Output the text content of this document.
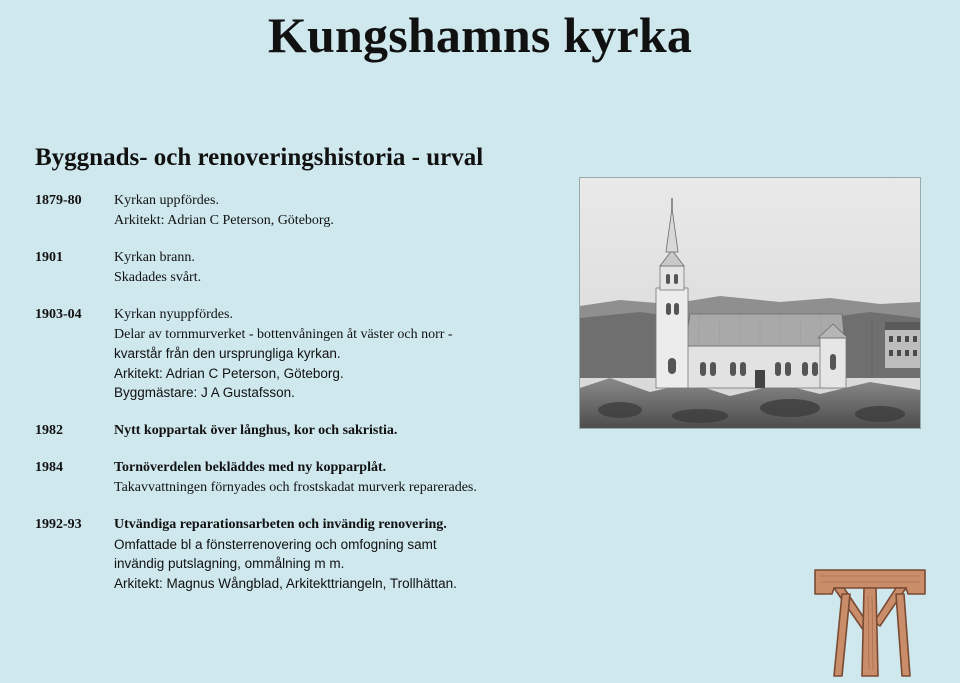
Kungshamns kyrka
Byggnads- och renoveringshistoria - urval
1879-80	Kyrkan uppfördes.
Arkitekt: Adrian C Peterson, Göteborg.
1901	Kyrkan brann.
Skadades svårt.
1903-04	Kyrkan nyuppfördes.
Delar av tornmurverket - bottenvåningen åt väster och norr -
kvarstår från den ursprungliga kyrkan.
Arkitekt: Adrian C Peterson, Göteborg.
Byggmästare: J A Gustafsson.
1982	Nytt koppartak över långhus, kor och sakristia.
1984	Tornöverdelen bekläddes med ny kopparplåt.
Takavvattningen förnyades och frostskadat murverk reparerades.
1992-93	Utvändiga reparationsarbeten och invändig renovering.
Omfattade bl a fönsterrenovering och omfogning samt
invändig putslagning, ommålning m m.
Arkitekt: Magnus Wångblad, Arkitekttriangeln, Trollhättan.
